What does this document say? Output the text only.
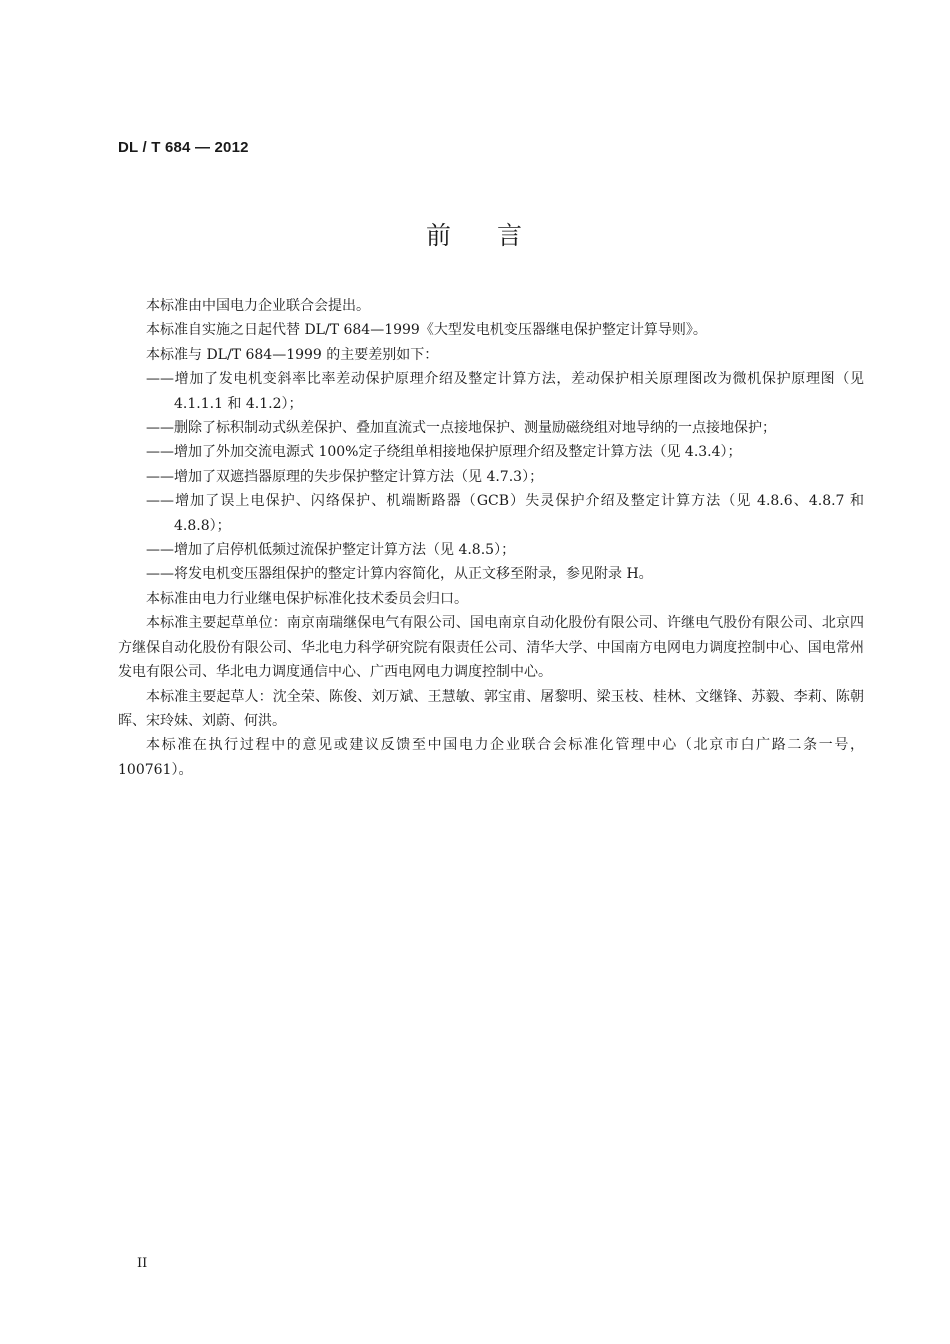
DL / T 684 — 2012
前 言

本标准由中国电力企业联合会提出。

本标准自实施之日起代替 DL/T 684—1999《大型发电机变压器继电保护整定计算导则》。

本标准与 DL/T 684—1999 的主要差别如下：

——增加了发电机变斜率比率差动保护原理介绍及整定计算方法，差动保护相关原理图改为微机保护原理图（见 4.1.1.1 和 4.1.2）；

——删除了标积制动式纵差保护、叠加直流式一点接地保护、测量励磁绕组对地导纳的一点接地保护；

——增加了外加交流电源式 100%定子绕组单相接地保护原理介绍及整定计算方法（见 4.3.4）；

——增加了双遮挡器原理的失步保护整定计算方法（见 4.7.3）；

——增加了误上电保护、闪络保护、机端断路器（GCB）失灵保护介绍及整定计算方法（见 4.8.6、4.8.7 和 4.8.8）；

——增加了启停机低频过流保护整定计算方法（见 4.8.5）；

——将发电机变压器组保护的整定计算内容简化，从正文移至附录，参见附录 H。

本标准由电力行业继电保护标准化技术委员会归口。

本标准主要起草单位：南京南瑞继保电气有限公司、国电南京自动化股份有限公司、许继电气股份有限公司、北京四方继保自动化股份有限公司、华北电力科学研究院有限责任公司、清华大学、中国南方电网电力调度控制中心、国电常州发电有限公司、华北电力调度通信中心、广西电网电力调度控制中心。

本标准主要起草人：沈全荣、陈俊、刘万斌、王慧敏、郭宝甫、屠黎明、梁玉枝、桂林、文继锋、苏毅、李莉、陈朝晖、宋玲妹、刘蔚、何洪。

本标准在执行过程中的意见或建议反馈至中国电力企业联合会标准化管理中心（北京市白广路二条一号，100761）。

II
